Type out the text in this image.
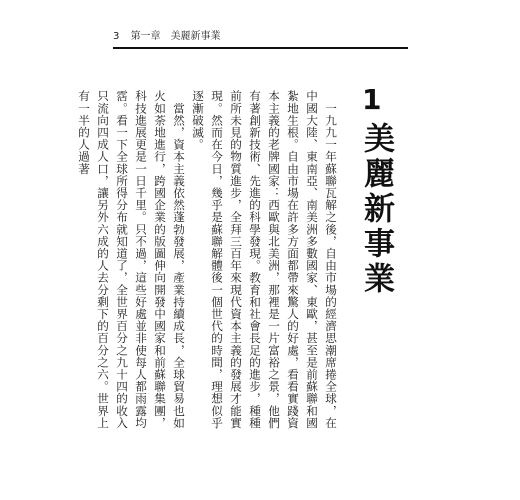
3 第一章　美麗新事業
1
美麗新事業

　一九九一年蘇聯瓦解之後，自由市場的經濟思潮席捲全球，在中國大陸、東南亞、南美洲多數國家、東歐，甚至是前蘇聯和國紮地生根。自由市場在許多方面都帶來驚人的好處，看看實踐資本主義的老牌國家：西歐與北美洲，那裡是一片富裕之景，他們有著創新技術、先進的科學發現。教育和社會長足的進步，種種前所未見的物質進步，全拜三百年來現代資本主義的發展才能實現。然而在今日，幾乎是蘇聯解體後一個世代的時間，理想似乎逐漸破滅。

　當然，資本主義依然蓬勃發展，產業持續成長，全球貿易也如火如荼地進行，跨國企業的版圖伸向開發中國家和前蘇聯集團，科技進展更是一日千里。只不過，這些好處並非使每人都雨露均霑。看一下全球所得分布就知道了，全世界百分之九十四的收入只流向四成人口，讓另外六成的人去分剩下的百分之六。世界上有一半的人過著
